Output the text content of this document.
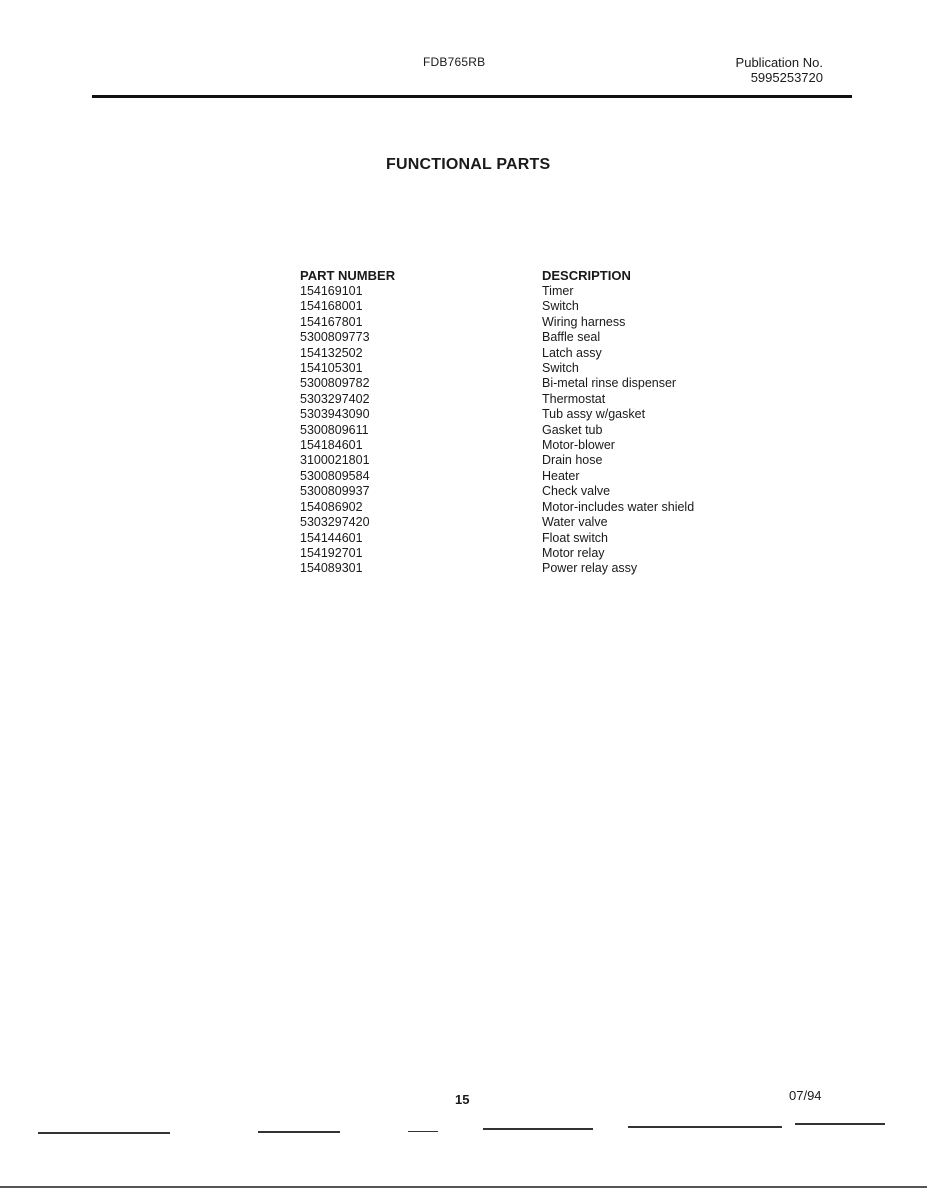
FDB765RB	Publication No.
5995253720
FUNCTIONAL PARTS
PART NUMBER	DESCRIPTION
154169101	Timer
154168001	Switch
154167801	Wiring harness
5300809773	Baffle seal
154132502	Latch assy
154105301	Switch
5300809782	Bi-metal rinse dispenser
5303297402	Thermostat
5303943090	Tub assy w/gasket
5300809611	Gasket tub
154184601	Motor-blower
3100021801	Drain hose
5300809584	Heater
5300809937	Check valve
154086902	Motor-includes water shield
5303297420	Water valve
154144601	Float switch
154192701	Motor relay
154089301	Power relay assy
15	07/94
